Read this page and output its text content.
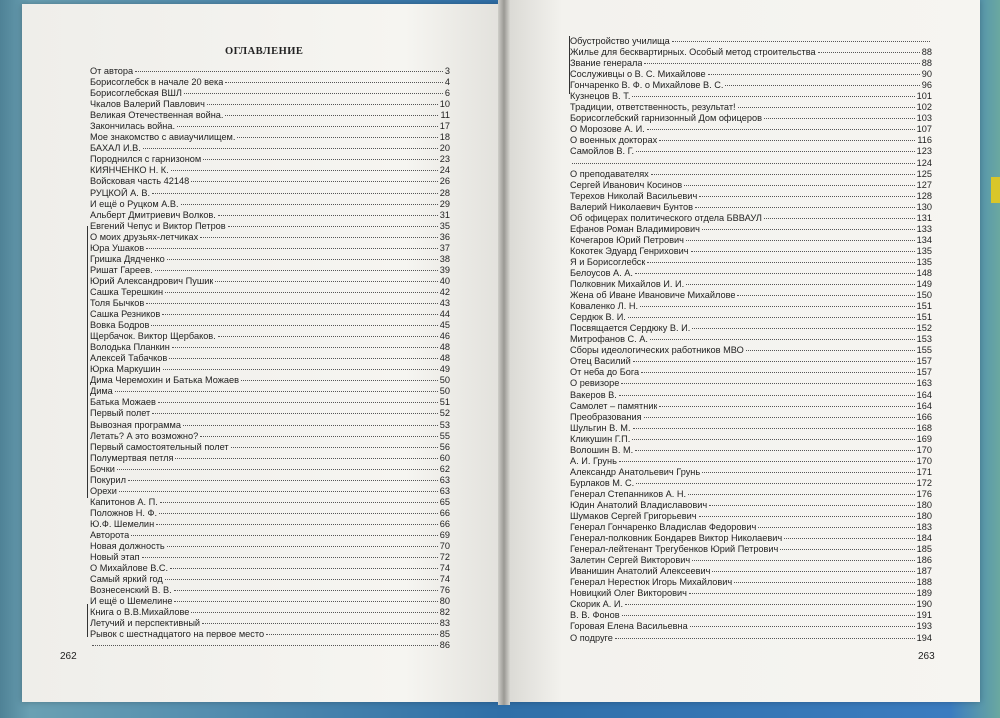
ОГЛАВЛЕНИЕ
От автора	3
Борисоглебск в начале 20 века	4
Борисоглебская ВШЛ	6
Чкалов Валерий Павлович	10
Великая Отечественная война.	11
Закончилась война.	17
Мое знакомство с авиаучилищем.	18
БАХАЛ И.В.	20
Породнился с гарнизоном	23
КИЯНЧЕНКО Н. К.	24
Войсковая часть 42148	26
РУЦКОЙ А. В.	28
И ещё о Руцком А.В.	29
Альберт Дмитриевич Волков.	31
Евгений Чепус и Виктор Петров	35
О моих друзьях-летчиках	36
Юра Ушаков	37
Гришка Дядченко	38
Ришат Гареев.	39
Юрий Александрович Пушик	40
Сашка Терешкин	42
Толя Бычков	43
Сашка Резников	44
Вовка Бодров	45
Щербачок. Виктор Щербаков.	46
Володька Планкин	48
Алексей Табачков	48
Юрка Маркушин	49
Дима Черемохин и Батька Можаев	50
Дима	50
Батька Можаев	51
Первый полет	52
Вывозная программа	53
Летать? А это возможно?	55
Первый самостоятельный полет	56
Полумертвая петля	60
Бочки	62
Покурил	63
Орехи	63
Капитонов А. П.	65
Положнов Н. Ф.	66
Ю.Ф. Шемелин	66
Авторота	69
Новая должность	70
Новый этап	72
О Михайлове В.С.	74
Самый яркий год	74
Вознесенский В. В.	76
И ещё о Шемелине	80
Книга о В.В.Михайлове	82
Летучий и перспективный	83
Рывок с шестнадцатого на первое место	85
86
Обустройство училища
Жилье для бесквартирных. Особый метод строительства	88
Звание генерала	88
Сослуживцы о В. С. Михайлове	90
Гончаренко В. Ф. о Михайлове В. С.	96
Кузнецов В. Т.	101
Традиции, ответственность, результат!	102
Борисоглебский гарнизонный Дом офицеров	103
О Морозове А. И.	107
О военных докторах	116
Самойлов В. Г.	123
124
О преподавателях	125
Сергей Иванович Косинов	127
Терехов Николай Васильевич	128
Валерий Николаевич Бунтов	130
Об офицерах политического отдела БВВАУЛ	131
Ефанов Роман Владимирович	133
Кочегаров Юрий Петрович	134
Кокотек Эдуард Генрихович	135
Я и Борисоглебск	135
Белоусов А. А.	148
Полковник Михайлов И. И.	149
Жена об Иване Ивановиче Михайлове	150
Коваленко Л. Н.	151
Сердюк В. И.	151
Посвящается Сердюку В. И.	152
Митрофанов С. А.	153
Сборы идеологических работников МВО	155
Отец Василий	157
От неба до Бога	157
О ревизоре	163
Вакеров В.	164
Самолет – памятник	164
Преобразования	166
Шульгин В. М.	168
Кликушин Г.П.	169
Волошин В. М.	170
А. И. Грунь	170
Александр Анатольевич Грунь	171
Бурлаков М. С.	172
Генерал Степанников А. Н.	176
Юдин Анатолий Владиславович	180
Шумаков Сергей Григорьевич	180
Генерал Гончаренко Владислав Федорович	183
Генерал-полковник Бондарев Виктор Николаевич	184
Генерал-лейтенант Трегубенков Юрий Петрович	185
Залетин Сергей Викторович	186
Иванишин Анатолий Алексеевич	187
Генерал Нерестюк Игорь Михайлович	188
Новицкий Олег Викторович	189
Скорик А. И.	190
В. В. Фонов	191
Горовая Елена Васильевна	193
О подруге	194
262	263
